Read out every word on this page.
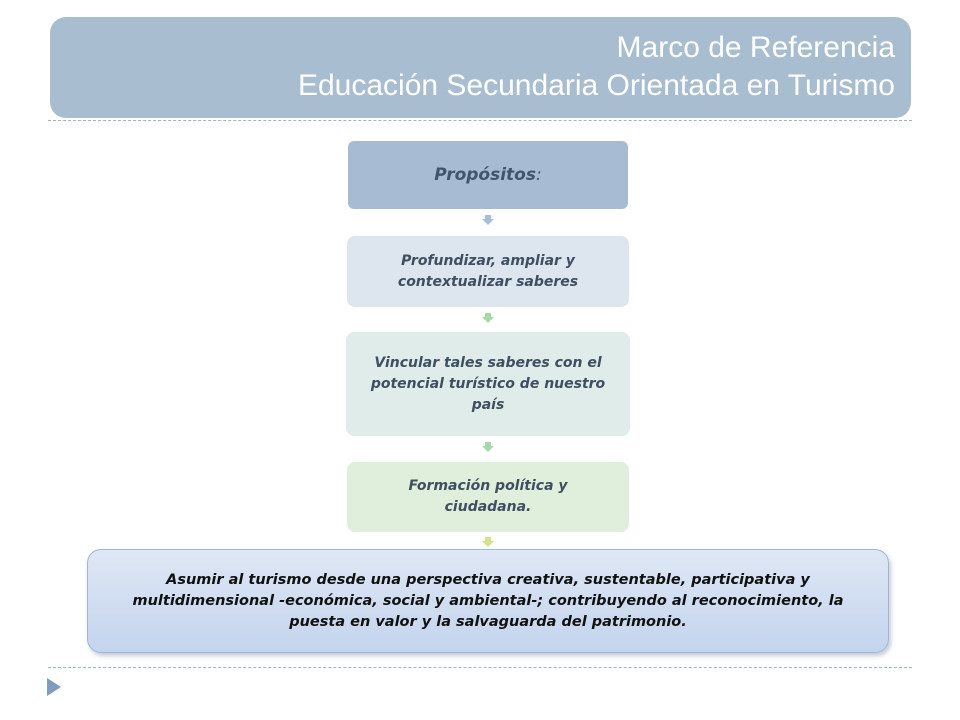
Marco de Referencia
Educación Secundaria Orientada en Turismo
Propósitos:
Profundizar, ampliar y contextualizar saberes
Vincular tales saberes con el potencial turístico de nuestro país
Formación política y ciudadana.
Asumir al turismo desde una perspectiva creativa, sustentable, participativa y multidimensional -económica, social y ambiental-; contribuyendo al reconocimiento, la puesta en valor y la salvaguarda del patrimonio.
